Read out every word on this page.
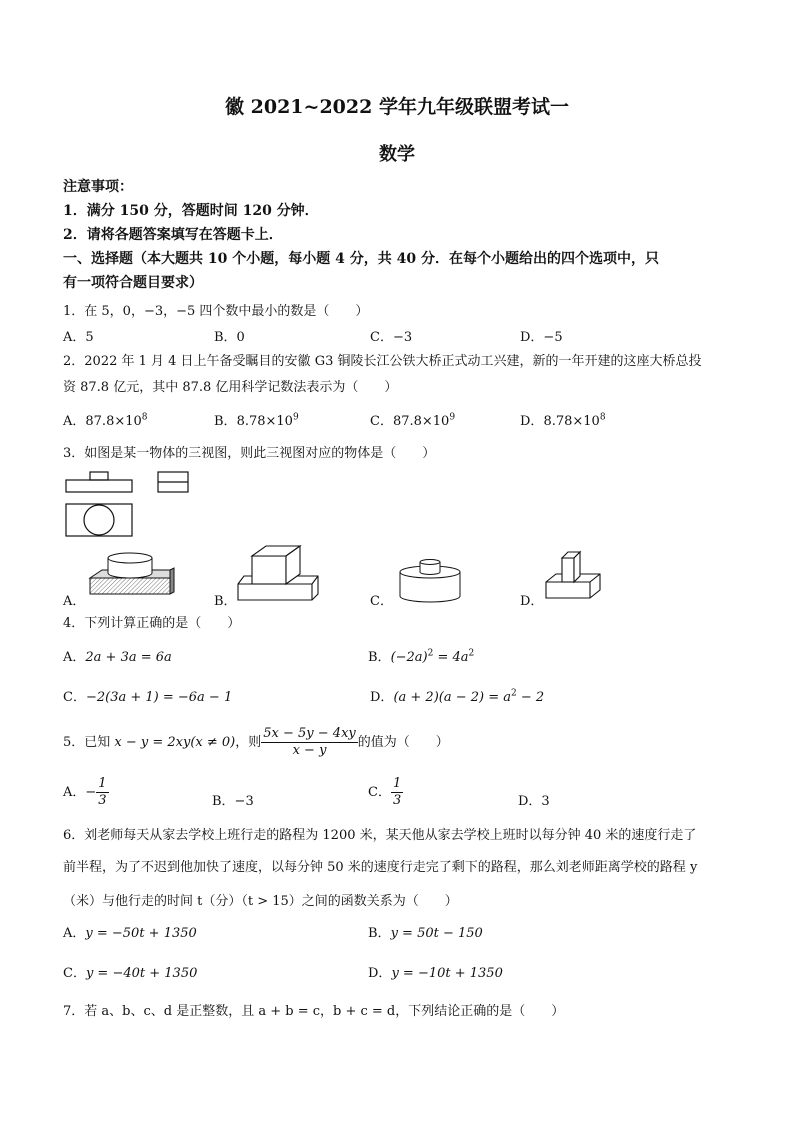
徽 2021~2022 学年九年级联盟考试一
数学
注意事项：
1．满分 150 分，答题时间 120 分钟．
2．请将各题答案填写在答题卡上．
一、选择题（本大题共 10 个小题，每小题 4 分，共 40 分．在每个小题给出的四个选项中，只
有一项符合题目要求）
1．在 5，0，−3，−5 四个数中最小的数是（　　）
A．5	B．0	C．−3	D．−5
2．2022 年 1 月 4 日上午备受瞩目的安徽 G3 铜陵长江公铁大桥正式动工兴建，新的一年开建的这座大桥总投
资 87.8 亿元，其中 87.8 亿用科学记数法表示为（　　）
A．$87.8\times 10^8$	B．$8.78\times 10^9$	C．$87.8\times 10^9$	D．$8.78\times 10^8$
3．如图是某一物体的三视图，则此三视图对应的物体是（　　）
A．	B．	C．	D．
4．下列计算正确的是（　　）
A．2a + 3a = 6a	B．$(-2a)^2 = 4a^2$
C．−2(3a + 1) = −6a − 1	D．$(a + 2)(a - 2) = a^2 - 2$
5．已知 x − y = 2xy(x ≠ 0)，则 $\frac{5x - 5y - 4xy}{x - y}$ 的值为（　　）
A．− $\frac{1}{3}$	B．−3
C． $\frac{1}{3}$	D．3
6．刘老师每天从家去学校上班行走的路程为 1200 米，某天他从家去学校上班时以每分钟 40 米的速度行走了
前半程，为了不迟到他加快了速度，以每分钟 50 米的速度行走完了剩下的路程，那么刘老师距离学校的路程 y
（米）与他行走的时间 t（分）（t > 15）之间的函数关系为（　　）
A．y = −50t + 1350	B．y = 50t − 150
C．y = −40t + 1350	D．y = −10t + 1350
7．若 a、b、c、d 是正整数，且 a + b = c，b + c = d，下列结论正确的是（　　）
